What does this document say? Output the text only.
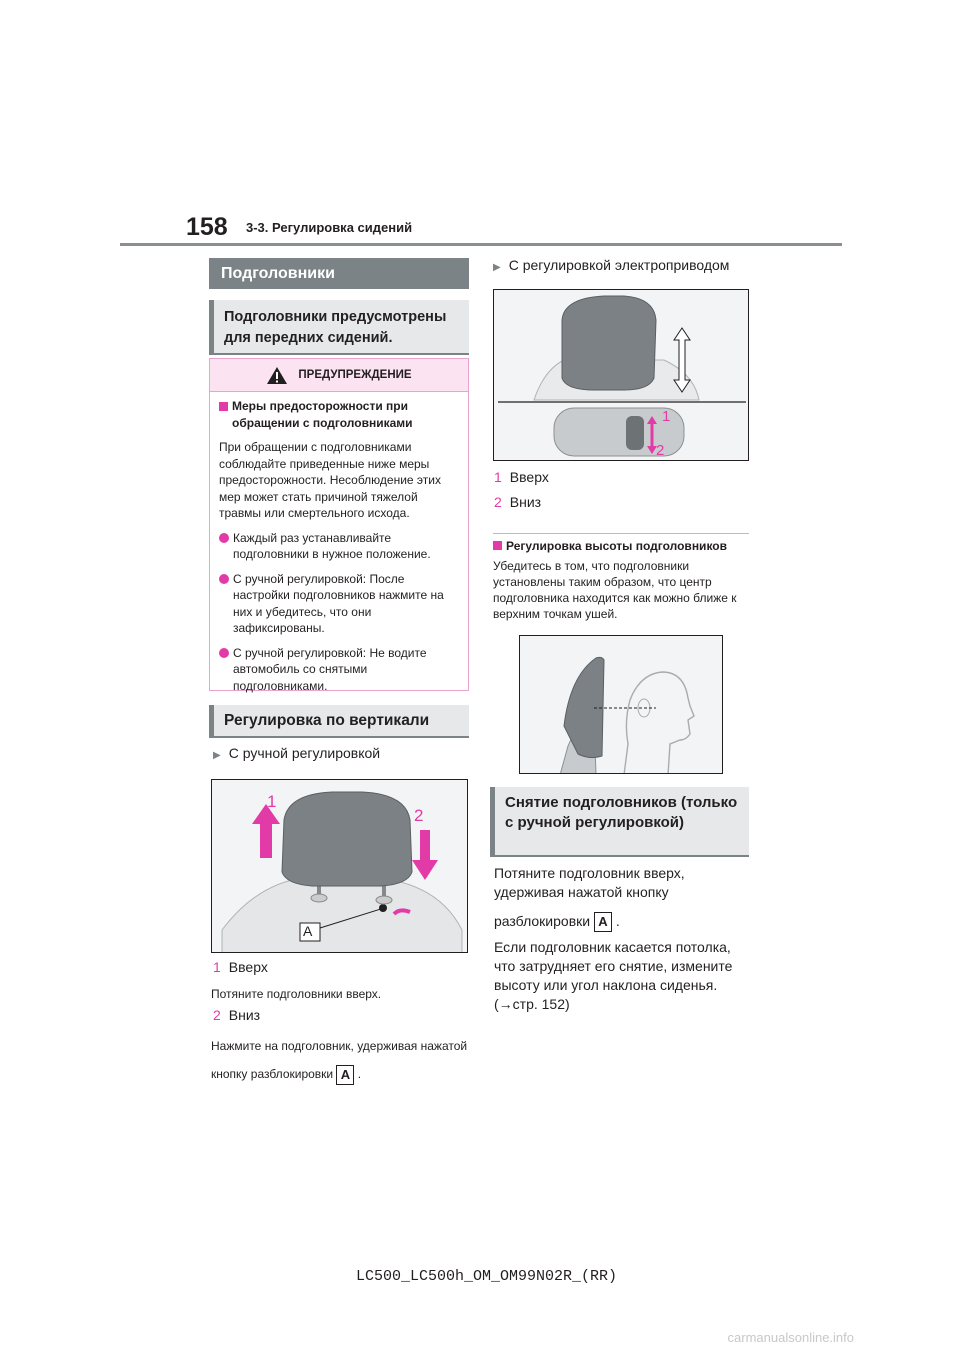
158 3-3. Регулировка сидений
Подголовники
Подголовники предусмотрены для передних сидений.
ПРЕДУПРЕЖДЕНИЕ
Меры предосторожности при обращении с подголовниками
При обращении с подголовниками соблюдайте приведенные ниже меры предосторожности. Несоблюдение этих мер может стать причиной тяжелой травмы или смертельного исхода.
Каждый раз устанавливайте подголовники в нужное положение.
С ручной регулировкой: После настройки подголовников нажмите на них и убедитесь, что они зафиксированы.
С ручной регулировкой: Не водите автомобиль со снятыми подголовниками.
Регулировка по вертикали
▶ С ручной регулировкой
1
2
A
1 Вверх
Потяните подголовники вверх.
2 Вниз
Нажмите на подголовник, удерживая нажатой кнопку разблокировки A .
▶ С регулировкой электроприводом
1
2
1 Вверх
2 Вниз
Регулировка высоты подголовников
Убедитесь в том, что подголовники установлены таким образом, что центр подголовника находится как можно ближе к верхним точкам ушей.
Снятие подголовников (только с ручной регулировкой)
Потяните подголовник вверх, удерживая нажатой кнопку
разблокировки A .
Если подголовник касается потолка, что затрудняет его снятие, измените высоту или угол наклона сиденья.
(→стр. 152)
LC500_LC500h_OM_OM99N02R_(RR)
carmanualsonline.info
